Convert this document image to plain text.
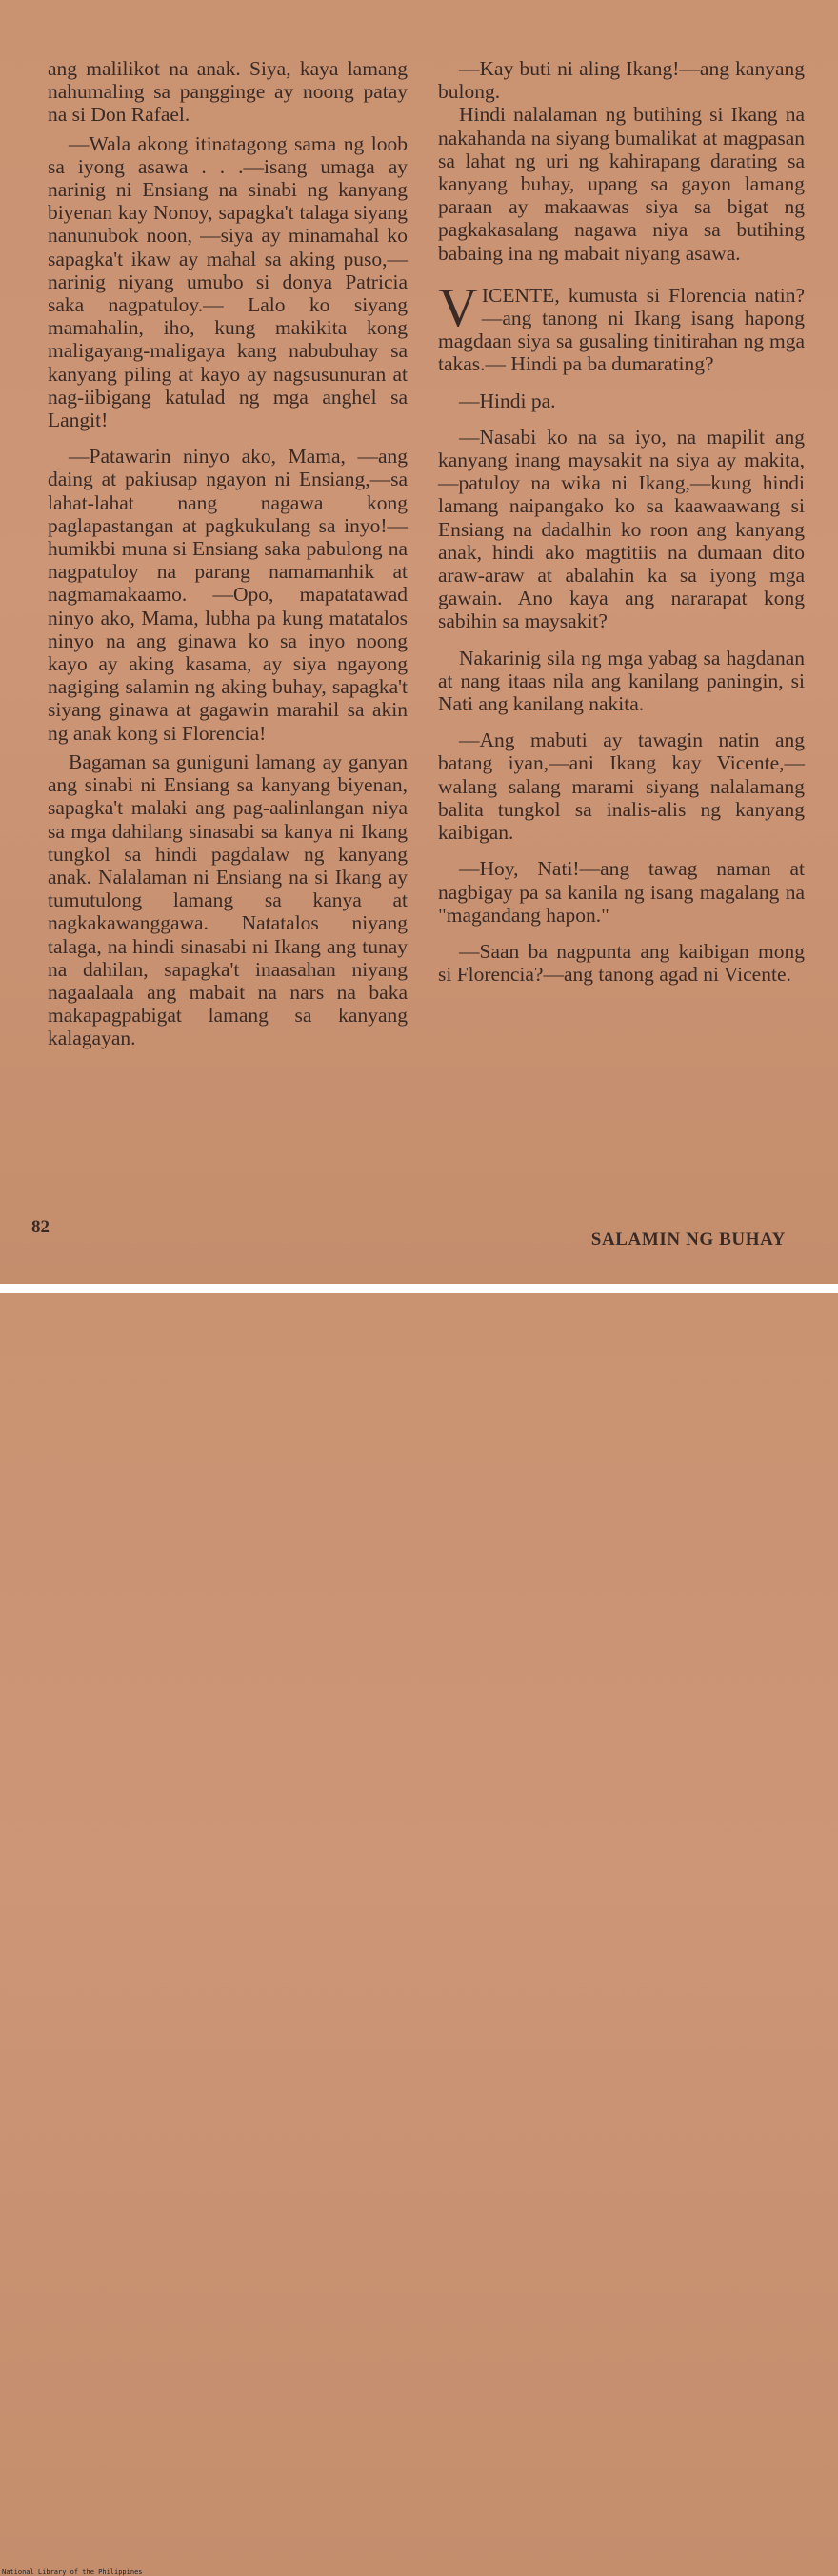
ang malilikot na anak. Siya, kaya lamang nahumaling sa pangginge ay noong patay na si Don Rafael.

—Wala akong itinatagong sama ng loob sa iyong asawa . . .—isang umaga ay narinig ni Ensiang na sinabi ng kanyang biyenan kay Nonoy, sapagka't talaga siyang nanunubok noon, —siya ay minamahal ko sapagka't ikaw ay mahal sa aking puso,—narinig niyang umubo si donya Patricia saka nagpatuloy.— Lalo ko siyang mamahalin, iho, kung makikita kong maligayang-maligaya kang nabubuhay sa kanyang piling at kayo ay nagsusunuran at nag-iibigang katulad ng mga anghel sa Langit!

—Patawarin ninyo ako, Mama, —ang daing at pakiusap ngayon ni Ensiang,—sa lahat-lahat nang nagawa kong paglapastangan at pagkukulang sa inyo!—humikbi muna si Ensiang saka pabulong na nagpatuloy na parang namamanhik at nagmamakaamo. —Opo, mapatatawad ninyo ako, Mama, lubha pa kung matatalos ninyo na ang ginawa ko sa inyo noong kayo ay aking kasama, ay siya ngayong nagiging salamin ng aking buhay, sapagka't siyang ginawa at gagawin marahil sa akin ng anak kong si Florencia!

Bagaman sa guniguni lamang ay ganyan ang sinabi ni Ensiang sa kanyang biyenan, sapagka't malaki ang pag-aalinlangan niya sa mga dahilang sinasabi sa kanya ni Ikang tungkol sa hindi pagdalaw ng kanyang anak. Nalalaman ni Ensiang na si Ikang ay tumutulong lamang sa kanya at nagkakawanggawa. Natatalos niyang talaga, na hindi sinasabi ni Ikang ang tunay na dahilan, sapagka't inaasahan niyang nagaalaala ang mabait na nars na baka makapagpabigat lamang sa kanyang kalagayan.

—Kay buti ni aling Ikang!—ang kanyang bulong.

Hindi nalalaman ng butihing si Ikang na nakahanda na siyang bumalikat at magpasan sa lahat ng uri ng kahirapang darating sa kanyang buhay, upang sa gayon lamang paraan ay makaawas siya sa bigat ng pagkakasalang nagawa niya sa butihing babaing ina ng mabait niyang asawa.

VICENTE, kumusta si Florencia natin?—ang tanong ni Ikang isang hapong magdaan siya sa gusaling tinitirahan ng mga takas.— Hindi pa ba dumarating?

—Hindi pa.

—Nasabi ko na sa iyo, na mapilit ang kanyang inang maysakit na siya ay makita,—patuloy na wika ni Ikang,—kung hindi lamang naipangako ko sa kaawaawang si Ensiang na dadalhin ko roon ang kanyang anak, hindi ako magtitiis na dumaan dito araw-araw at abalahin ka sa iyong mga gawain. Ano kaya ang nararapat kong sabihin sa maysakit?

Nakarinig sila ng mga yabag sa hagdanan at nang itaas nila ang kanilang paningin, si Nati ang kanilang nakita.

—Ang mabuti ay tawagin natin ang batang iyan,—ani Ikang kay Vicente,—walang salang marami siyang nalalamang balita tungkol sa inalis-alis ng kanyang kaibigan.

—Hoy, Nati!—ang tawag naman at nagbigay pa sa kanila ng isang magalang na "magandang hapon."

—Saan ba nagpunta ang kaibigan mong si Florencia?—ang tanong agad ni Vicente.

82
SALAMIN NG BUHAY
National Library of the Philippines
